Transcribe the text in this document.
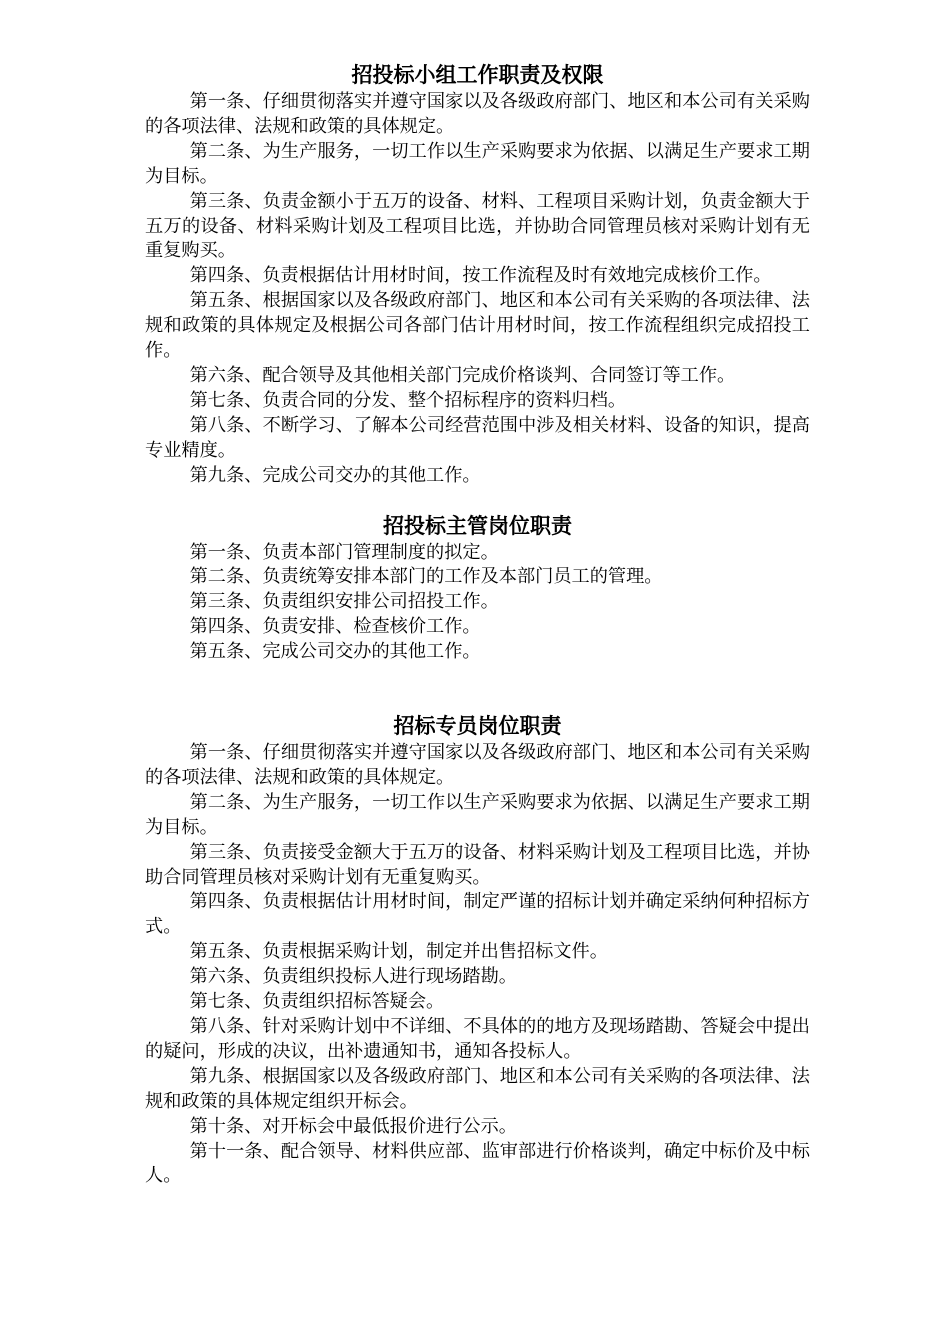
招投标小组工作职责及权限

第一条、仔细贯彻落实并遵守国家以及各级政府部门、地区和本公司有关采购的各项法律、法规和政策的具体规定。

第二条、为生产服务，一切工作以生产采购要求为依据、以满足生产要求工期为目标。

第三条、负责金额小于五万的设备、材料、工程项目采购计划，负责金额大于五万的设备、材料采购计划及工程项目比选，并协助合同管理员核对采购计划有无重复购买。

第四条、负责根据估计用材时间，按工作流程及时有效地完成核价工作。

第五条、根据国家以及各级政府部门、地区和本公司有关采购的各项法律、法规和政策的具体规定及根据公司各部门估计用材时间，按工作流程组织完成招投工作。

第六条、配合领导及其他相关部门完成价格谈判、合同签订等工作。

第七条、负责合同的分发、整个招标程序的资料归档。

第八条、不断学习、了解本公司经营范围中涉及相关材料、设备的知识，提高专业精度。

第九条、完成公司交办的其他工作。

招投标主管岗位职责

第一条、负责本部门管理制度的拟定。

第二条、负责统筹安排本部门的工作及本部门员工的管理。

第三条、负责组织安排公司招投工作。

第四条、负责安排、检查核价工作。

第五条、完成公司交办的其他工作。

招标专员岗位职责

第一条、仔细贯彻落实并遵守国家以及各级政府部门、地区和本公司有关采购的各项法律、法规和政策的具体规定。

第二条、为生产服务，一切工作以生产采购要求为依据、以满足生产要求工期为目标。

第三条、负责接受金额大于五万的设备、材料采购计划及工程项目比选，并协助合同管理员核对采购计划有无重复购买。

第四条、负责根据估计用材时间，制定严谨的招标计划并确定采纳何种招标方式。

第五条、负责根据采购计划，制定并出售招标文件。

第六条、负责组织投标人进行现场踏勘。

第七条、负责组织招标答疑会。

第八条、针对采购计划中不详细、不具体的的地方及现场踏勘、答疑会中提出的疑问，形成的决议，出补遗通知书，通知各投标人。

第九条、根据国家以及各级政府部门、地区和本公司有关采购的各项法律、法规和政策的具体规定组织开标会。

第十条、对开标会中最低报价进行公示。

第十一条、配合领导、材料供应部、监审部进行价格谈判，确定中标价及中标人。
